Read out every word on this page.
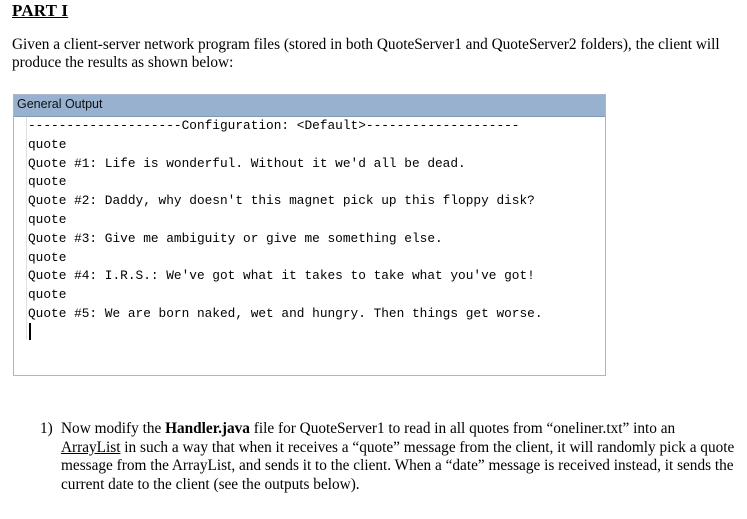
PART I
Given a client-server network program files (stored in both QuoteServer1 and QuoteServer2 folders), the client will produce the results as shown below:
General Output
--------------------Configuration: <Default>--------------------
quote
Quote #1: Life is wonderful. Without it we'd all be dead.
quote
Quote #2: Daddy, why doesn't this magnet pick up this floppy disk?
quote
Quote #3: Give me ambiguity or give me something else.
quote
Quote #4: I.R.S.: We've got what it takes to take what you've got!
quote
Quote #5: We are born naked, wet and hungry. Then things get worse.
1) Now modify the Handler.java file for QuoteServer1 to read in all quotes from “oneliner.txt” into an ArrayList in such a way that when it receives a “quote” message from the client, it will randomly pick a quote message from the ArrayList, and sends it to the client. When a “date” message is received instead, it sends the current date to the client (see the outputs below).
